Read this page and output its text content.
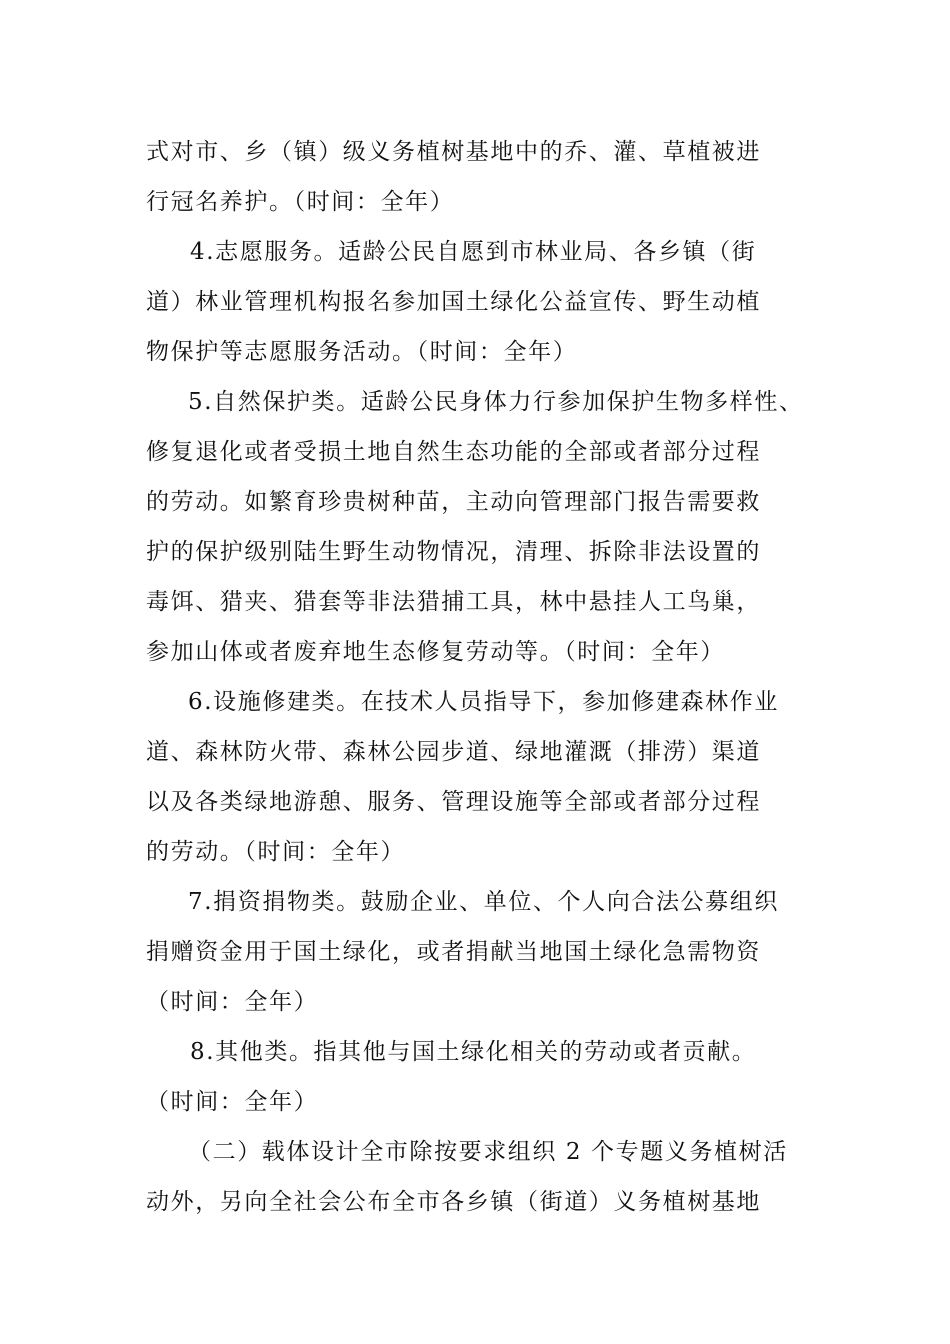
式对市、乡（镇）级义务植树基地中的乔、灌、草植被进
行冠名养护。（时间：全年）
4.志愿服务。适龄公民自愿到市林业局、各乡镇（街
道）林业管理机构报名参加国土绿化公益宣传、野生动植
物保护等志愿服务活动。（时间：全年）
5.自然保护类。适龄公民身体力行参加保护生物多样性、
修复退化或者受损土地自然生态功能的全部或者部分过程
的劳动。如繁育珍贵树种苗，主动向管理部门报告需要救
护的保护级别陆生野生动物情况，清理、拆除非法设置的
毒饵、猎夹、猎套等非法猎捕工具，林中悬挂人工鸟巢，
参加山体或者废弃地生态修复劳动等。（时间：全年）
6.设施修建类。在技术人员指导下，参加修建森林作业
道、森林防火带、森林公园步道、绿地灌溉（排涝）渠道
以及各类绿地游憩、服务、管理设施等全部或者部分过程
的劳动。（时间：全年）
7.捐资捐物类。鼓励企业、单位、个人向合法公募组织
捐赠资金用于国土绿化，或者捐献当地国土绿化急需物资
（时间：全年）
8.其他类。指其他与国土绿化相关的劳动或者贡献。
（时间：全年）
（二）载体设计全市除按要求组织 2 个专题义务植树活
动外，另向全社会公布全市各乡镇（街道）义务植树基地
